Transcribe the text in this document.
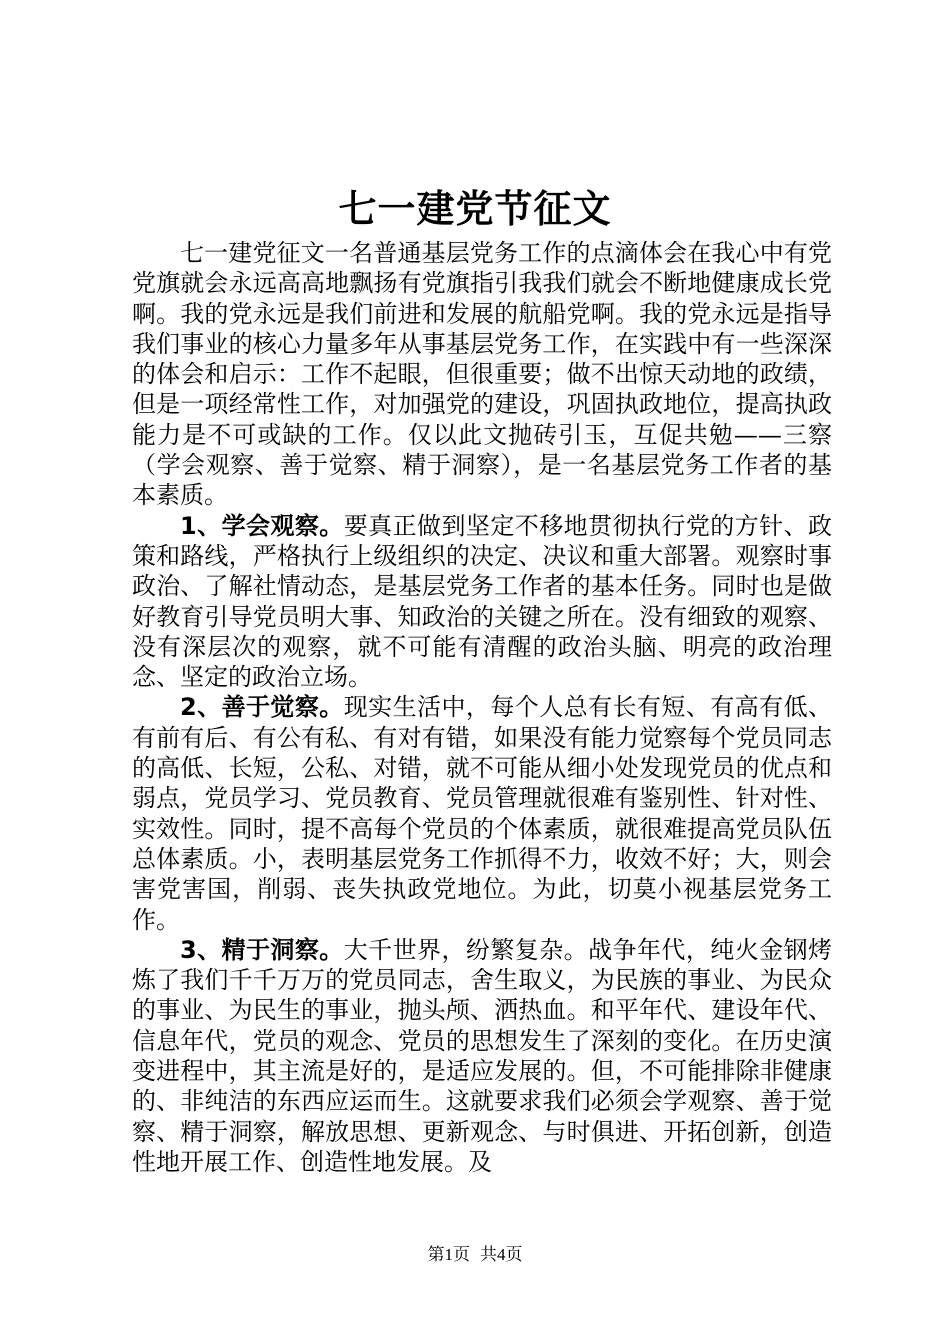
七一建党节征文

七一建党征文一名普通基层党务工作的点滴体会在我心中有党党旗就会永远高高地飘扬有党旗指引我我们就会不断地健康成长党啊。我的党永远是我们前进和发展的航船党啊。我的党永远是指导我们事业的核心力量多年从事基层党务工作，在实践中有一些深深的体会和启示：工作不起眼，但很重要；做不出惊天动地的政绩，但是一项经常性工作，对加强党的建设，巩固执政地位，提高执政能力是不可或缺的工作。仅以此文抛砖引玉，互促共勉——三察（学会观察、善于觉察、精于洞察），是一名基层党务工作者的基本素质。

1、学会观察。要真正做到坚定不移地贯彻执行党的方针、政策和路线，严格执行上级组织的决定、决议和重大部署。观察时事政治、了解社情动态，是基层党务工作者的基本任务。同时也是做好教育引导党员明大事、知政治的关键之所在。没有细致的观察、没有深层次的观察，就不可能有清醒的政治头脑、明亮的政治理念、坚定的政治立场。

2、善于觉察。现实生活中，每个人总有长有短、有高有低、有前有后、有公有私、有对有错，如果没有能力觉察每个党员同志的高低、长短，公私、对错，就不可能从细小处发现党员的优点和弱点，党员学习、党员教育、党员管理就很难有鉴别性、针对性、实效性。同时，提不高每个党员的个体素质，就很难提高党员队伍总体素质。小，表明基层党务工作抓得不力，收效不好；大，则会害党害国，削弱、丧失执政党地位。为此，切莫小视基层党务工作。

3、精于洞察。大千世界，纷繁复杂。战争年代，纯火金钢烤炼了我们千千万万的党员同志，舍生取义，为民族的事业、为民众的事业、为民生的事业，抛头颅、洒热血。和平年代、建设年代、信息年代，党员的观念、党员的思想发生了深刻的变化。在历史演变进程中，其主流是好的，是适应发展的。但，不可能排除非健康的、非纯洁的东西应运而生。这就要求我们必须会学观察、善于觉察、精于洞察，解放思想、更新观念、与时俱进、开拓创新，创造性地开展工作、创造性地发展。及

第1页 共4页
